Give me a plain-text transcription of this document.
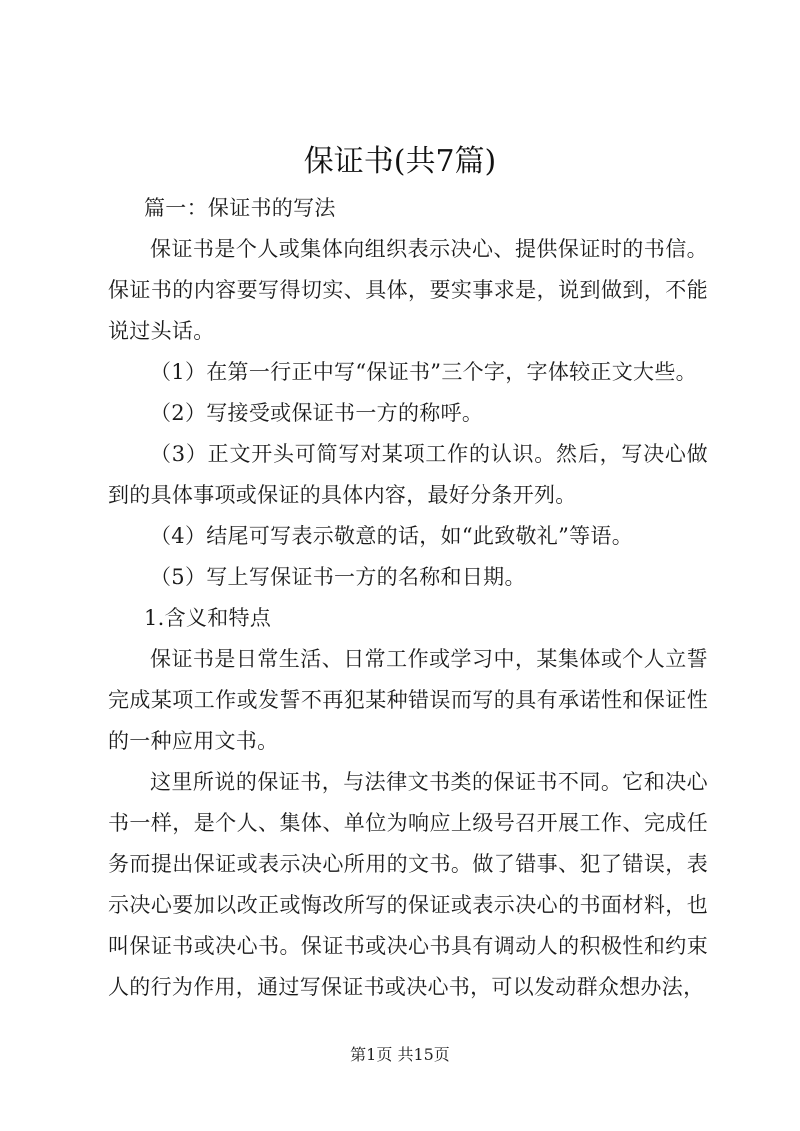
保证书(共7篇)

篇一：保证书的写法

保证书是个人或集体向组织表示决心、提供保证时的书信。保证书的内容要写得切实、具体，要实事求是，说到做到，不能说过头话。

（1）在第一行正中写“保证书”三个字，字体较正文大些。

（2）写接受或保证书一方的称呼。

（3）正文开头可简写对某项工作的认识。然后，写决心做到的具体事项或保证的具体内容，最好分条开列。

（4）结尾可写表示敬意的话，如“此致敬礼”等语。

（5）写上写保证书一方的名称和日期。

1.含义和特点

保证书是日常生活、日常工作或学习中，某集体或个人立誓完成某项工作或发誓不再犯某种错误而写的具有承诺性和保证性的一种应用文书。

这里所说的保证书，与法律文书类的保证书不同。它和决心书一样，是个人、集体、单位为响应上级号召开展工作、完成任务而提出保证或表示决心所用的文书。做了错事、犯了错误，表示决心要加以改正或悔改所写的保证或表示决心的书面材料，也叫保证书或决心书。保证书或决心书具有调动人的积极性和约束人的行为作用，通过写保证书或决心书，可以发动群众想办法，

第1页 共15页
